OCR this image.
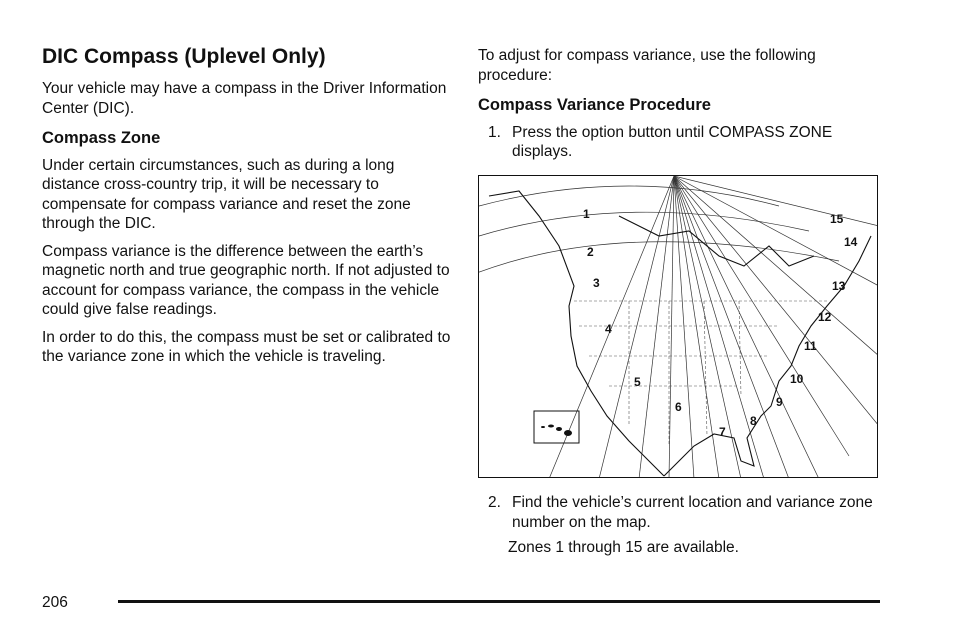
DIC Compass (Uplevel Only)

Your vehicle may have a compass in the Driver Information Center (DIC).

Compass Zone

Under certain circumstances, such as during a long distance cross-country trip, it will be necessary to compensate for compass variance and reset the zone through the DIC.

Compass variance is the difference between the earth’s magnetic north and true geographic north. If not adjusted to account for compass variance, the compass in the vehicle could give false readings.

In order to do this, the compass must be set or calibrated to the variance zone in which the vehicle is traveling.

To adjust for compass variance, use the following procedure:

Compass Variance Procedure
1. Press the option button until COMPASS ZONE displays.
1
2
3
4
5
6
7
8
9
10
11
12
13
14
15
2. Find the vehicle’s current location and variance zone number on the map.
Zones 1 through 15 are available.
206
